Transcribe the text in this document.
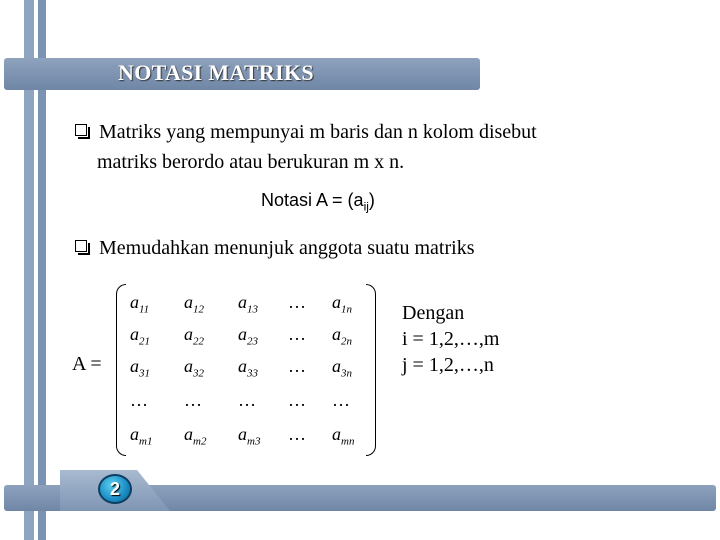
NOTASI MATRIKS
Matriks yang mempunyai m baris dan n kolom disebut
matriks berordo atau berukuran m x n.
Notasi $A = (a_{ij})$
Memudahkan menunjuk anggota suatu matriks
A =
$a_{11}$ $a_{12}$ $a_{13}$ … $a_{1n}$
$a_{21}$ $a_{22}$ $a_{23}$ … $a_{2n}$
$a_{31}$ $a_{32}$ $a_{33}$ … $a_{3n}$
… … … … …
$a_{m1}$ $a_{m2}$ $a_{m3}$ … $a_{mn}$
Dengan
i = 1,2,…,m
j = 1,2,…,n
2
